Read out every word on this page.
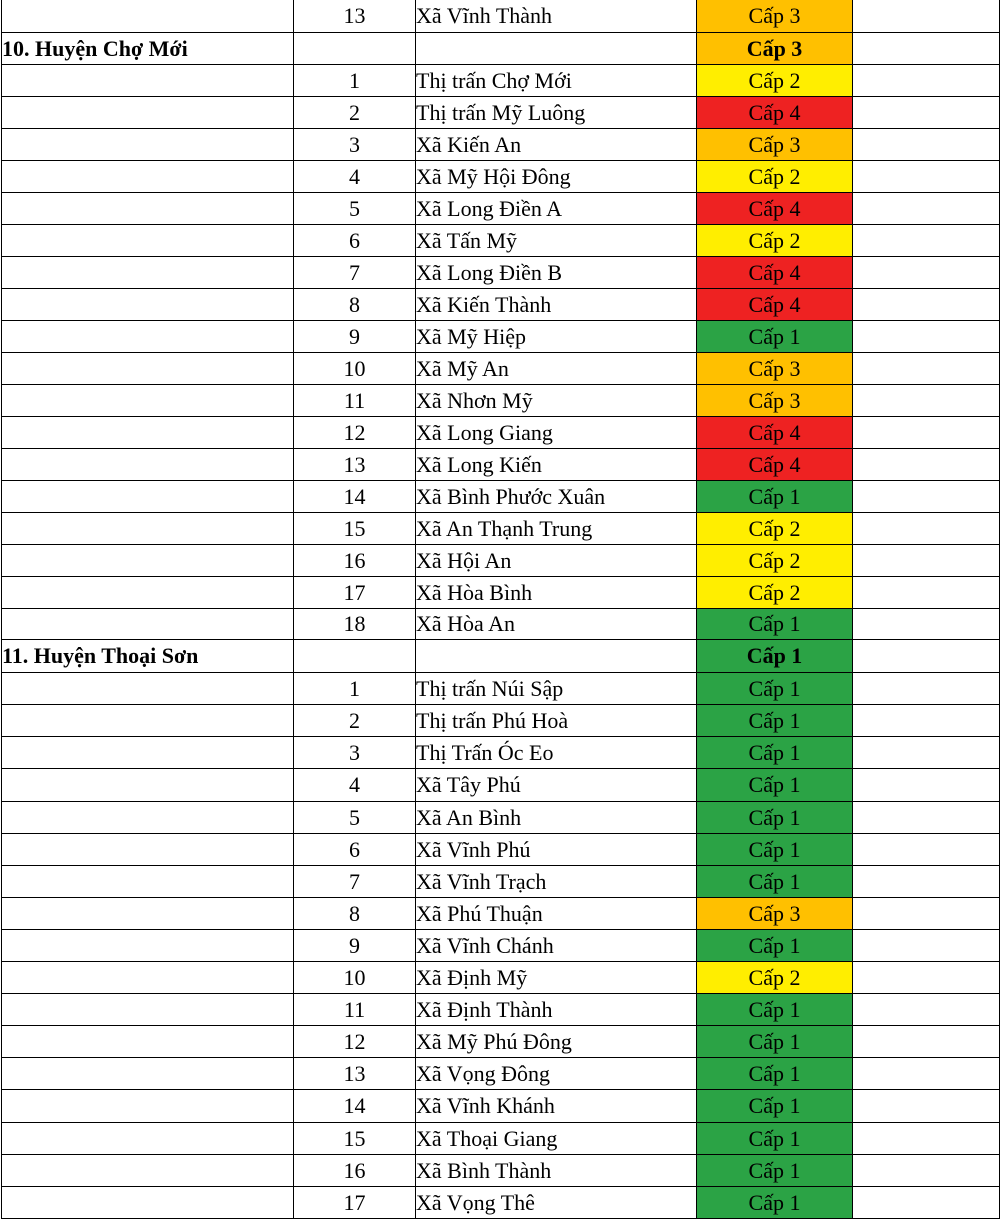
	13	Xã Vĩnh Thành	Cấp 3	
10. Huyện Chợ Mới			Cấp 3	
	1	Thị trấn Chợ Mới	Cấp 2	
	2	Thị trấn Mỹ Luông	Cấp 4	
	3	Xã Kiến An	Cấp 3	
	4	Xã Mỹ Hội Đông	Cấp 2	
	5	Xã Long Điền A	Cấp 4	
	6	Xã Tấn Mỹ	Cấp 2	
	7	Xã Long Điền B	Cấp 4	
	8	Xã Kiến Thành	Cấp 4	
	9	Xã Mỹ Hiệp	Cấp 1	
	10	Xã Mỹ An	Cấp 3	
	11	Xã Nhơn Mỹ	Cấp 3	
	12	Xã Long Giang	Cấp 4	
	13	Xã Long Kiến	Cấp 4	
	14	Xã Bình Phước Xuân	Cấp 1	
	15	Xã An Thạnh Trung	Cấp 2	
	16	Xã Hội An	Cấp 2	
	17	Xã Hòa Bình	Cấp 2	
	18	Xã Hòa An	Cấp 1	
11. Huyện Thoại Sơn			Cấp 1	
	1	Thị trấn Núi Sập	Cấp 1	
	2	Thị trấn Phú Hoà	Cấp 1	
	3	Thị Trấn Óc Eo	Cấp 1	
	4	Xã Tây Phú	Cấp 1	
	5	Xã An Bình	Cấp 1	
	6	Xã Vĩnh Phú	Cấp 1	
	7	Xã Vĩnh Trạch	Cấp 1	
	8	Xã Phú Thuận	Cấp 3	
	9	Xã Vĩnh Chánh	Cấp 1	
	10	Xã Định Mỹ	Cấp 2	
	11	Xã Định Thành	Cấp 1	
	12	Xã Mỹ Phú Đông	Cấp 1	
	13	Xã Vọng Đông	Cấp 1	
	14	Xã Vĩnh Khánh	Cấp 1	
	15	Xã Thoại Giang	Cấp 1	
	16	Xã Bình Thành	Cấp 1	
	17	Xã Vọng Thê	Cấp 1	
